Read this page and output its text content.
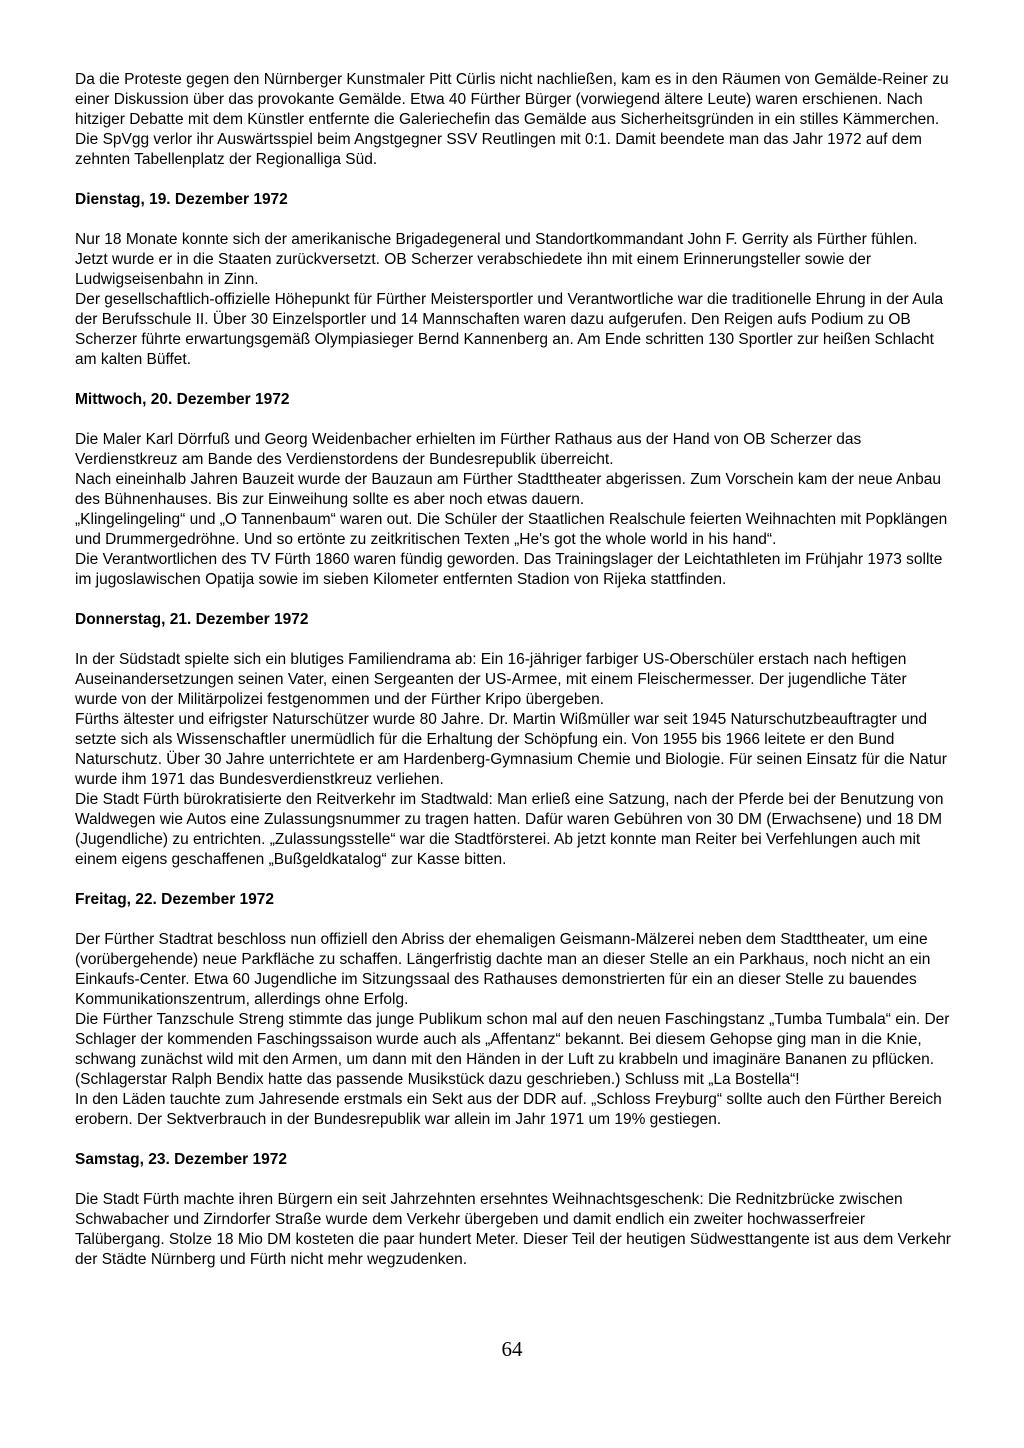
Da die Proteste gegen den Nürnberger Kunstmaler Pitt Cürlis nicht nachließen, kam es in den Räumen von Gemälde-Reiner zu einer Diskussion über das provokante Gemälde. Etwa 40 Fürther Bürger (vorwiegend ältere Leute) waren erschienen. Nach hitziger Debatte mit dem Künstler entfernte die Galeriechefin das Gemälde aus Sicherheitsgründen in ein stilles Kämmerchen.

Die SpVgg verlor ihr Auswärtsspiel beim Angstgegner SSV Reutlingen mit 0:1. Damit beendete man das Jahr 1972 auf dem zehnten Tabellenplatz der Regionalliga Süd.

Dienstag, 19. Dezember 1972

Nur 18 Monate konnte sich der amerikanische Brigadegeneral und Standortkommandant John F. Gerrity als Fürther fühlen. Jetzt wurde er in die Staaten zurückversetzt. OB Scherzer verabschiedete ihn mit einem Erinnerungsteller sowie der Ludwigseisenbahn in Zinn.

Der gesellschaftlich-offizielle Höhepunkt für Fürther Meistersportler und Verantwortliche war die traditionelle Ehrung in der Aula der Berufsschule II. Über 30 Einzelsportler und 14 Mannschaften waren dazu aufgerufen. Den Reigen aufs Podium zu OB Scherzer führte erwartungsgemäß Olympiasieger Bernd Kannenberg an. Am Ende schritten 130 Sportler zur heißen Schlacht am kalten Büffet.

Mittwoch, 20. Dezember 1972

Die Maler Karl Dörrfuß und Georg Weidenbacher erhielten im Fürther Rathaus aus der Hand von OB Scherzer das Verdienstkreuz am Bande des Verdienstordens der Bundesrepublik überreicht.

Nach eineinhalb Jahren Bauzeit wurde der Bauzaun am Fürther Stadttheater abgerissen. Zum Vorschein kam der neue Anbau des Bühnenhauses. Bis zur Einweihung sollte es aber noch etwas dauern.

„Klingelingeling“ und „O Tannenbaum“ waren out. Die Schüler der Staatlichen Realschule feierten Weihnachten mit Popklängen und Drummergedröhne. Und so ertönte zu zeitkritischen Texten „He's got the whole world in his hand“.

Die Verantwortlichen des TV Fürth 1860 waren fündig geworden. Das Trainingslager der Leichtathleten im Frühjahr 1973 sollte im jugoslawischen Opatija sowie im sieben Kilometer entfernten Stadion von Rijeka stattfinden.

Donnerstag, 21. Dezember 1972

In der Südstadt spielte sich ein blutiges Familiendrama ab: Ein 16-jähriger farbiger US-Oberschüler erstach nach heftigen Auseinandersetzungen seinen Vater, einen Sergeanten der US-Armee, mit einem Fleischermesser. Der jugendliche Täter wurde von der Militärpolizei festgenommen und der Fürther Kripo übergeben.

Fürths ältester und eifrigster Naturschützer wurde 80 Jahre. Dr. Martin Wißmüller war seit 1945 Naturschutzbeauftragter und setzte sich als Wissenschaftler unermüdlich für die Erhaltung der Schöpfung ein. Von 1955 bis 1966 leitete er den Bund Naturschutz. Über 30 Jahre unterrichtete er am Hardenberg-Gymnasium Chemie und Biologie. Für seinen Einsatz für die Natur wurde ihm 1971 das Bundesverdienstkreuz verliehen.

Die Stadt Fürth bürokratisierte den Reitverkehr im Stadtwald: Man erließ eine Satzung, nach der Pferde bei der Benutzung von Waldwegen wie Autos eine Zulassungsnummer zu tragen hatten. Dafür waren Gebühren von 30 DM (Erwachsene) und 18 DM (Jugendliche) zu entrichten. „Zulassungsstelle“ war die Stadtförsterei. Ab jetzt konnte man Reiter bei Verfehlungen auch mit einem eigens geschaffenen „Bußgeldkatalog“ zur Kasse bitten.

Freitag, 22. Dezember 1972

Der Fürther Stadtrat beschloss nun offiziell den Abriss der ehemaligen Geismann-Mälzerei neben dem Stadttheater, um eine (vorübergehende) neue Parkfläche zu schaffen. Längerfristig dachte man an dieser Stelle an ein Parkhaus, noch nicht an ein Einkaufs-Center. Etwa 60 Jugendliche im Sitzungssaal des Rathauses demonstrierten für ein an dieser Stelle zu bauendes Kommunikationszentrum, allerdings ohne Erfolg.

Die Fürther Tanzschule Streng stimmte das junge Publikum schon mal auf den neuen Faschingstanz „Tumba Tumbala“ ein. Der Schlager der kommenden Faschingssaison wurde auch als „Affentanz“ bekannt. Bei diesem Gehopse ging man in die Knie, schwang zunächst wild mit den Armen, um dann mit den Händen in der Luft zu krabbeln und imaginäre Bananen zu pflücken. (Schlagerstar Ralph Bendix hatte das passende Musikstück dazu geschrieben.) Schluss mit „La Bostella“!

In den Läden tauchte zum Jahresende erstmals ein Sekt aus der DDR auf. „Schloss Freyburg“ sollte auch den Fürther Bereich erobern. Der Sektverbrauch in der Bundesrepublik war allein im Jahr 1971 um 19% gestiegen.

Samstag, 23. Dezember 1972

Die Stadt Fürth machte ihren Bürgern ein seit Jahrzehnten ersehntes Weihnachtsgeschenk: Die Rednitzbrücke zwischen Schwabacher und Zirndorfer Straße wurde dem Verkehr übergeben und damit endlich ein zweiter hochwasserfreier Talübergang. Stolze 18 Mio DM kosteten die paar hundert Meter. Dieser Teil der heutigen Südwesttangente ist aus dem Verkehr der Städte Nürnberg und Fürth nicht mehr wegzudenken.

64
